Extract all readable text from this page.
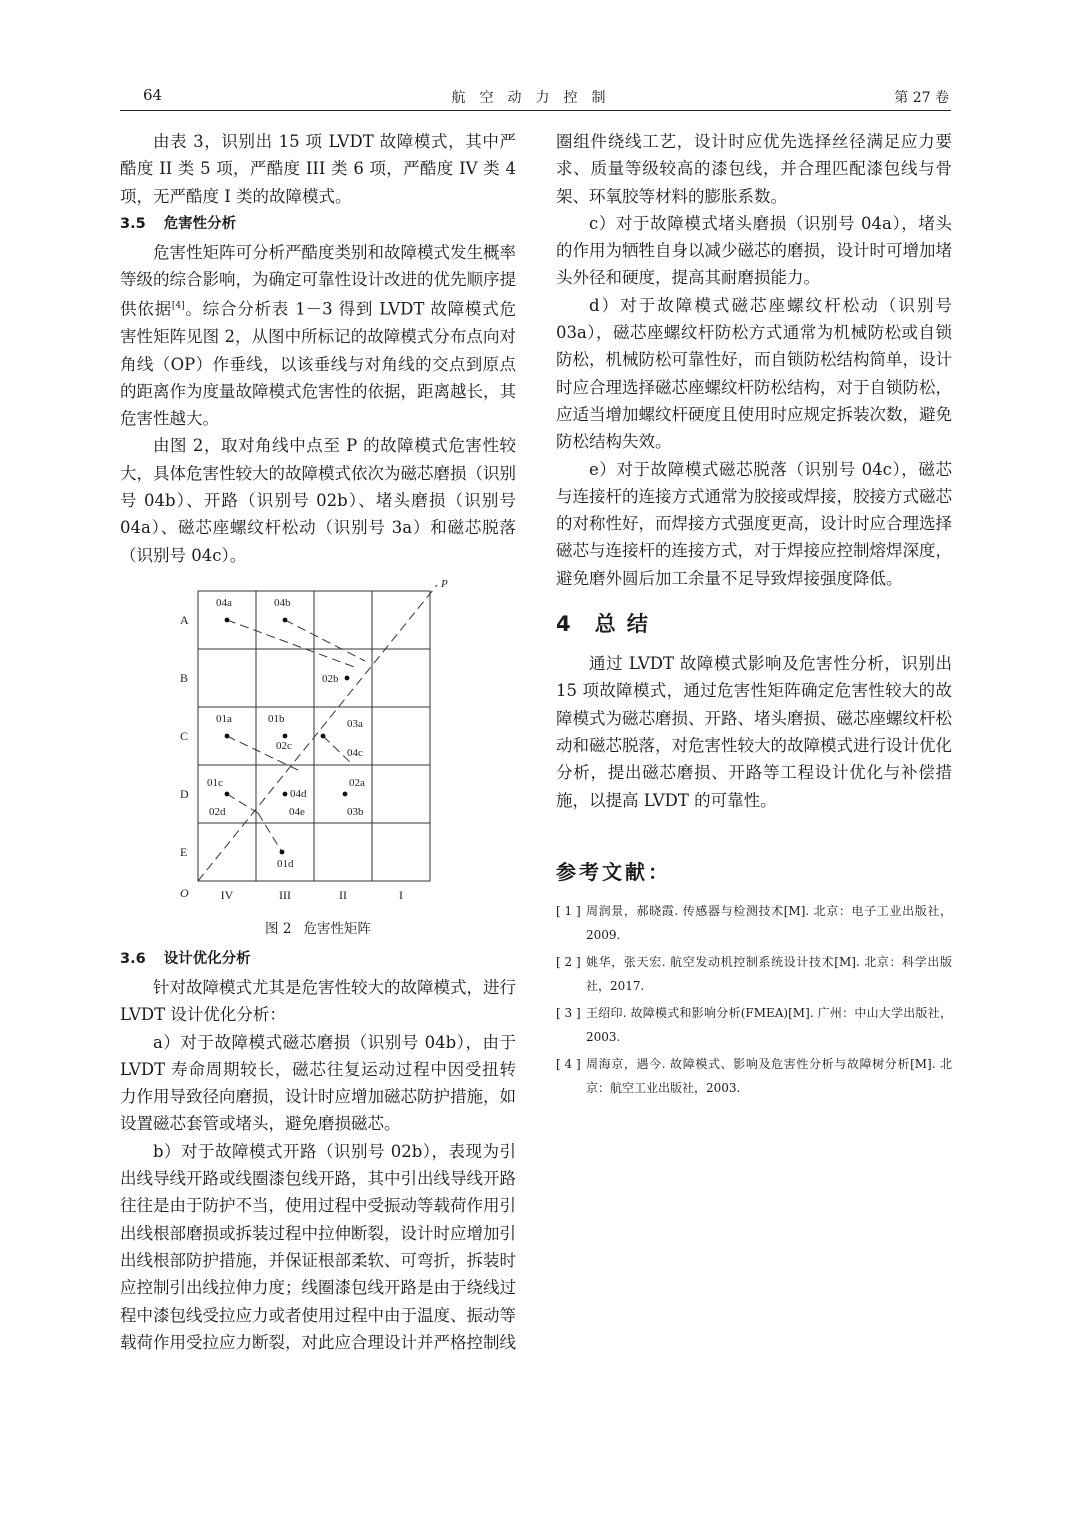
64	航空动力控制	第 27 卷

由表 3，识别出 15 项 LVDT 故障模式，其中严酷度 II 类 5 项，严酷度 III 类 6 项，严酷度 IV 类 4 项，无严酷度 I 类的故障模式。

3.5 危害性分析

危害性矩阵可分析严酷度类别和故障模式发生概率等级的综合影响，为确定可靠性设计改进的优先顺序提供依据[4]。综合分析表 1－3 得到 LVDT 故障模式危害性矩阵见图 2，从图中所标记的故障模式分布点向对角线（OP）作垂线，以该垂线与对角线的交点到原点的距离作为度量故障模式危害性的依据，距离越长，其危害性越大。

由图 2，取对角线中点至 P 的故障模式危害性较大，具体危害性较大的故障模式依次为磁芯磨损（识别号 04b）、开路（识别号 02b）、堵头磨损（识别号 04a）、磁芯座螺纹杆松动（识别号 3a）和磁芯脱落（识别号 04c）。

04a	04b
02b
01a	01b
02c
03a
04c
01c
04d
02a
02d	04e	03b
01d
A
B
C
D
E
IV	III	II	I
O
P
图 2 危害性矩阵
3.6 设计优化分析

针对故障模式尤其是危害性较大的故障模式，进行 LVDT 设计优化分析：

a）对于故障模式磁芯磨损（识别号 04b），由于 LVDT 寿命周期较长，磁芯往复运动过程中因受扭转力作用导致径向磨损，设计时应增加磁芯防护措施，如设置磁芯套管或堵头，避免磨损磁芯。

b）对于故障模式开路（识别号 02b），表现为引出线导线开路或线圈漆包线开路，其中引出线导线开路往往是由于防护不当，使用过程中受振动等载荷作用引出线根部磨损或拆装过程中拉伸断裂，设计时应增加引出线根部防护措施，并保证根部柔软、可弯折，拆装时应控制引出线拉伸力度；线圈漆包线开路是由于绕线过程中漆包线受拉应力或者使用过程中由于温度、振动等载荷作用受拉应力断裂，对此应合理设计并严格控制线

圈组件绕线工艺，设计时应优先选择丝径满足应力要求、质量等级较高的漆包线，并合理匹配漆包线与骨架、环氧胶等材料的膨胀系数。

c）对于故障模式堵头磨损（识别号 04a），堵头的作用为牺牲自身以减少磁芯的磨损，设计时可增加堵头外径和硬度，提高其耐磨损能力。

d）对于故障模式磁芯座螺纹杆松动（识别号 03a），磁芯座螺纹杆防松方式通常为机械防松或自锁防松，机械防松可靠性好，而自锁防松结构简单，设计时应合理选择磁芯座螺纹杆防松结构，对于自锁防松，应适当增加螺纹杆硬度且使用时应规定拆装次数，避免防松结构失效。

e）对于故障模式磁芯脱落（识别号 04c），磁芯与连接杆的连接方式通常为胶接或焊接，胶接方式磁芯的对称性好，而焊接方式强度更高，设计时应合理选择磁芯与连接杆的连接方式，对于焊接应控制熔焊深度，避免磨外圆后加工余量不足导致焊接强度降低。

4 总 结

通过 LVDT 故障模式影响及危害性分析，识别出 15 项故障模式，通过危害性矩阵确定危害性较大的故障模式为磁芯磨损、开路、堵头磨损、磁芯座螺纹杆松动和磁芯脱落，对危害性较大的故障模式进行设计优化分析，提出磁芯磨损、开路等工程设计优化与补偿措施，以提高 LVDT 的可靠性。

参考文献：
[ 1 ] 周润景，郝晓霞. 传感器与检测技术[M]. 北京：电子工业出版社，2009.
[ 2 ] 姚华，张天宏. 航空发动机控制系统设计技术[M]. 北京：科学出版社，2017.
[ 3 ] 王绍印. 故障模式和影响分析(FMEA)[M]. 广州：中山大学出版社，2003.
[ 4 ] 周海京，遇今. 故障模式、影响及危害性分析与故障树分析[M]. 北京：航空工业出版社，2003.
